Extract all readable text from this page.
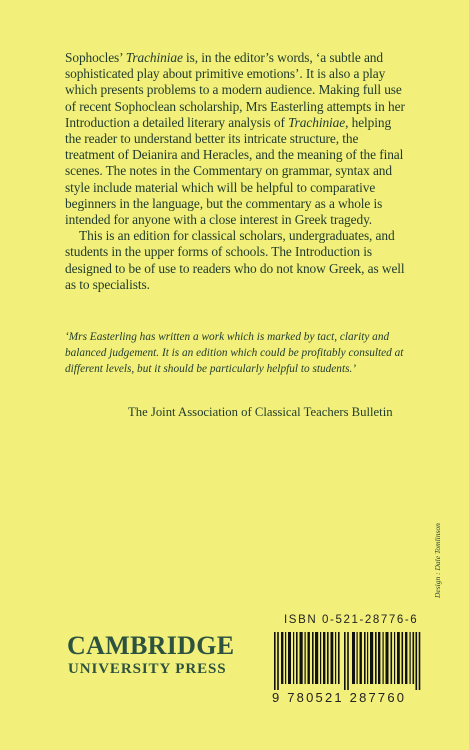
Sophocles’ Trachiniae is, in the editor’s words, ‘a subtle and sophisticated play about primitive emotions’. It is also a play which presents problems to a modern audience. Making full use of recent Sophoclean scholarship, Mrs Easterling attempts in her Introduction a detailed literary analysis of Trachiniae, helping the reader to understand better its intricate structure, the treatment of Deianira and Heracles, and the meaning of the final scenes. The notes in the Commentary on grammar, syntax and style include material which will be helpful to comparative beginners in the language, but the commentary as a whole is intended for anyone with a close interest in Greek tragedy.

This is an edition for classical scholars, undergraduates, and students in the upper forms of schools. The Introduction is designed to be of use to readers who do not know Greek, as well as to specialists.

‘Mrs Easterling has written a work which is marked by tact, clarity and balanced judgement. It is an edition which could be profitably consulted at different levels, but it should be particularly helpful to students.’
The Joint Association of Classical Teachers Bulletin
Design : Dale Tomlinson
CAMBRIDGE
UNIVERSITY PRESS
ISBN 0-521-28776-6
9 780521 287760
